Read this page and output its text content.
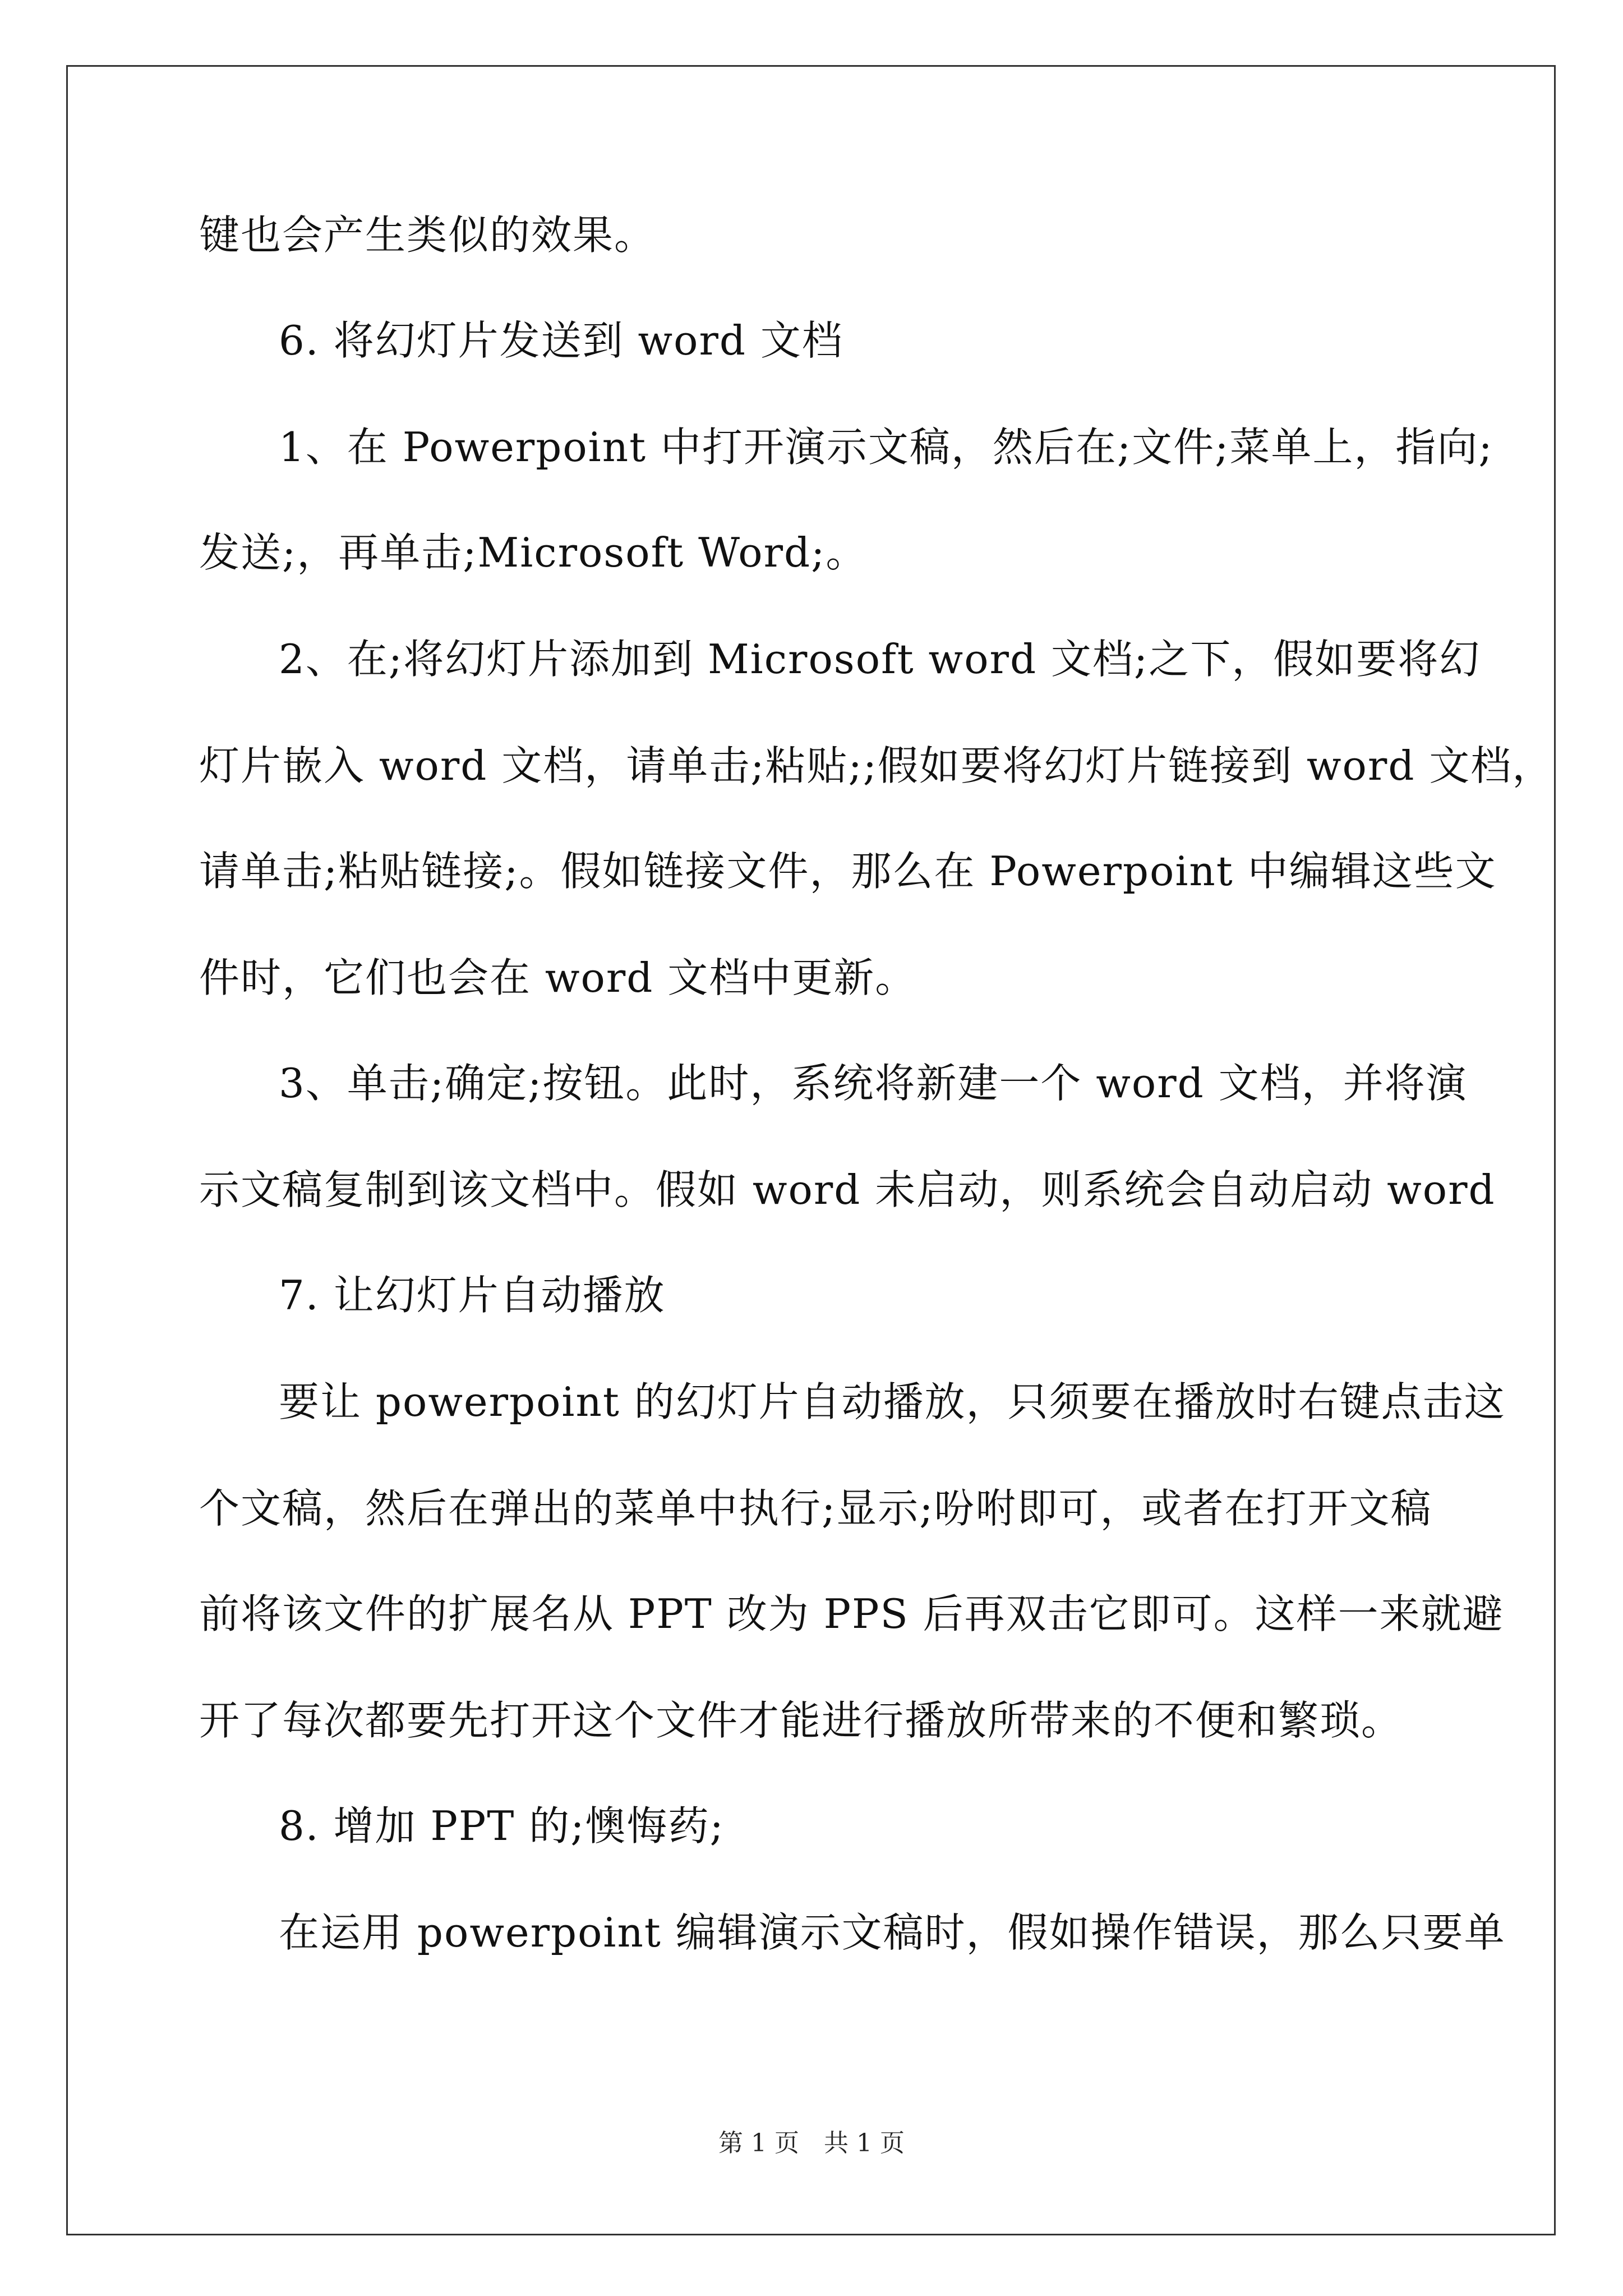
键也会产生类似的效果。
6. 将幻灯片发送到 word 文档
1、在 Powerpoint 中打开演示文稿，然后在;文件;菜单上，指向;
发送;，再单击;Microsoft Word;。
2、在;将幻灯片添加到 Microsoft word 文档;之下，假如要将幻
灯片嵌入 word 文档，请单击;粘贴;;假如要将幻灯片链接到 word 文档，
请单击;粘贴链接;。假如链接文件，那么在 Powerpoint 中编辑这些文
件时，它们也会在 word 文档中更新。
3、单击;确定;按钮。此时，系统将新建一个 word 文档，并将演
示文稿复制到该文档中。假如 word 未启动，则系统会自动启动 word
7. 让幻灯片自动播放
要让 powerpoint 的幻灯片自动播放，只须要在播放时右键点击这
个文稿，然后在弹出的菜单中执行;显示;吩咐即可，或者在打开文稿
前将该文件的扩展名从 PPT 改为 PPS 后再双击它即可。这样一来就避
开了每次都要先打开这个文件才能进行播放所带来的不便和繁琐。
8. 增加 PPT 的;懊悔药;
在运用 powerpoint 编辑演示文稿时，假如操作错误，那么只要单
第 1 页　共 1 页
